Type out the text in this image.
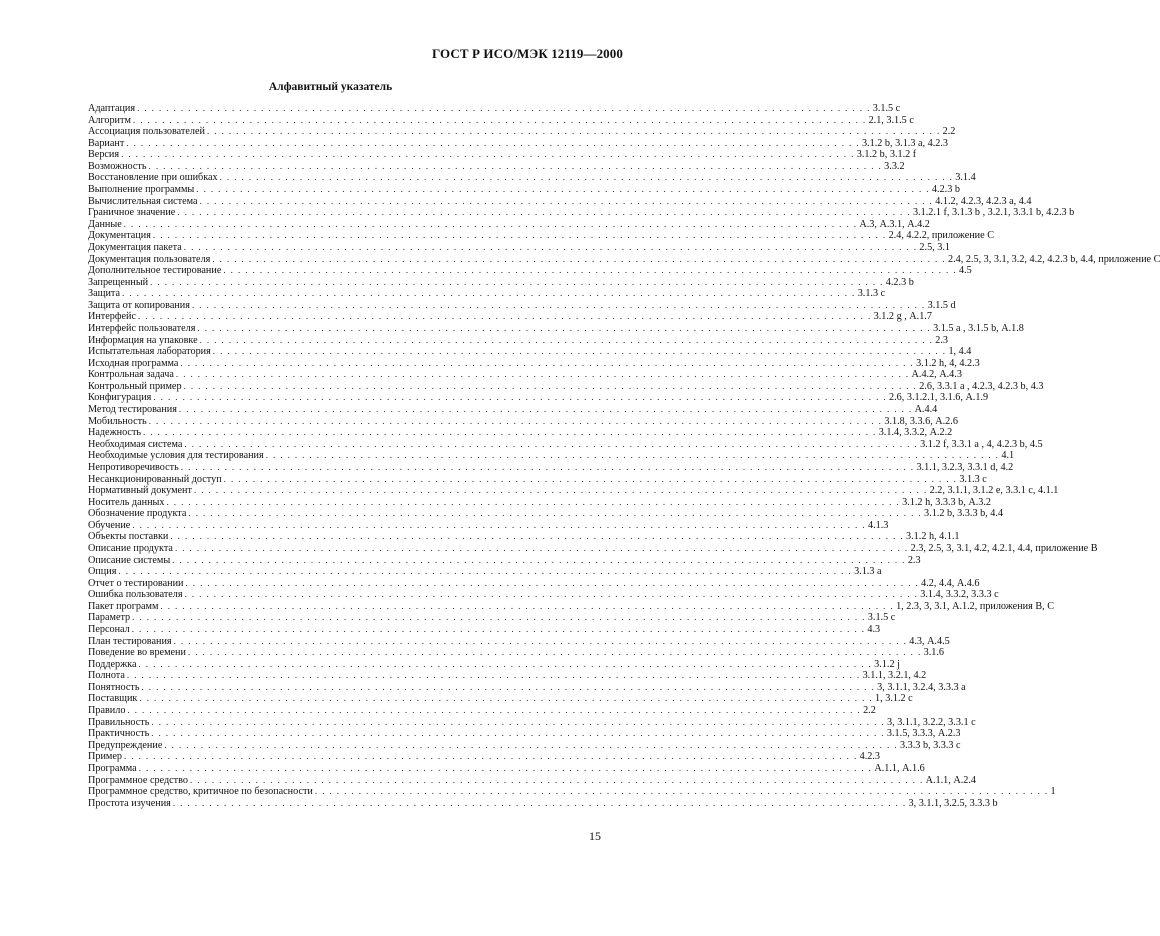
ГОСТ Р ИСО/МЭК 12119—2000
Алфавитный указатель
Адаптация . . . . . . . . . . . . . . . . . . . . . . . . . . . . . . . . . . . . . . . . . . . . . . . . . . . . . . . . . . . . . . . . . . . . . . . . . . . . . . . . . . . . . . . . . . . . . . . . . . . . . 3.1.5 с
Алгоритм . . . . . . . . . . . . . . . . . . . . . . . . . . . . . . . . . . . . . . . . . . . . . . . . . . . . . . . . . . . . . . . . . . . . . . . . . . . . . . . . . . . . . . . . . . . . . . . . . . . . . 2.1, 3.1.5 с
Ассоциация пользователей . . . . . . . . . . . . . . . . . . . . . . . . . . . . . . . . . . . . . . . . . . . . . . . . . . . . . . . . . . . . . . . . . . . . . . . . . . . . . . . . . . . . . . . . . . . . . . . . . . . . . 2.2
Вариант . . . . . . . . . . . . . . . . . . . . . . . . . . . . . . . . . . . . . . . . . . . . . . . . . . . . . . . . . . . . . . . . . . . . . . . . . . . . . . . . . . . . . . . . . . . . . . . . . . . . . 3.1.2 b, 3.1.3 a, 4.2.3
Версия . . . . . . . . . . . . . . . . . . . . . . . . . . . . . . . . . . . . . . . . . . . . . . . . . . . . . . . . . . . . . . . . . . . . . . . . . . . . . . . . . . . . . . . . . . . . . . . . . . . . . 3.1.2 b, 3.1.2 f
Возможность . . . . . . . . . . . . . . . . . . . . . . . . . . . . . . . . . . . . . . . . . . . . . . . . . . . . . . . . . . . . . . . . . . . . . . . . . . . . . . . . . . . . . . . . . . . . . . . . . . . . . 3.3.2
Восстановление при ошибках . . . . . . . . . . . . . . . . . . . . . . . . . . . . . . . . . . . . . . . . . . . . . . . . . . . . . . . . . . . . . . . . . . . . . . . . . . . . . . . . . . . . . . . . . . . . . . . . . . . . . 3.1.4
Выполнение программы . . . . . . . . . . . . . . . . . . . . . . . . . . . . . . . . . . . . . . . . . . . . . . . . . . . . . . . . . . . . . . . . . . . . . . . . . . . . . . . . . . . . . . . . . . . . . . . . . . . . . 4.2.3 b
Вычислительная система . . . . . . . . . . . . . . . . . . . . . . . . . . . . . . . . . . . . . . . . . . . . . . . . . . . . . . . . . . . . . . . . . . . . . . . . . . . . . . . . . . . . . . . . . . . . . . . . . . . . . 4.1.2, 4.2.3, 4.2.3 a, 4.4
Граничное значение . . . . . . . . . . . . . . . . . . . . . . . . . . . . . . . . . . . . . . . . . . . . . . . . . . . . . . . . . . . . . . . . . . . . . . . . . . . . . . . . . . . . . . . . . . . . . . . . . . . . . 3.1.2.1 f, 3.1.3 b , 3.2.1, 3.3.1 b, 4.2.3 b
Данные . . . . . . . . . . . . . . . . . . . . . . . . . . . . . . . . . . . . . . . . . . . . . . . . . . . . . . . . . . . . . . . . . . . . . . . . . . . . . . . . . . . . . . . . . . . . . . . . . . . . . А.3, А.3.1, А.4.2
Документация . . . . . . . . . . . . . . . . . . . . . . . . . . . . . . . . . . . . . . . . . . . . . . . . . . . . . . . . . . . . . . . . . . . . . . . . . . . . . . . . . . . . . . . . . . . . . . . . . . . . . 2.4, 4.2.2, приложение С
Документация пакета . . . . . . . . . . . . . . . . . . . . . . . . . . . . . . . . . . . . . . . . . . . . . . . . . . . . . . . . . . . . . . . . . . . . . . . . . . . . . . . . . . . . . . . . . . . . . . . . . . . . . 2.5, 3.1
Документация пользователя . . . . . . . . . . . . . . . . . . . . . . . . . . . . . . . . . . . . . . . . . . . . . . . . . . . . . . . . . . . . . . . . . . . . . . . . . . . . . . . . . . . . . . . . . . . . . . . . . . . . . 2.4, 2.5, 3, 3.1, 3.2, 4.2, 4.2.3 b, 4.4, приложение С
Дополнительное тестирование . . . . . . . . . . . . . . . . . . . . . . . . . . . . . . . . . . . . . . . . . . . . . . . . . . . . . . . . . . . . . . . . . . . . . . . . . . . . . . . . . . . . . . . . . . . . . . . . . . . . . 4.5
Запрещенный . . . . . . . . . . . . . . . . . . . . . . . . . . . . . . . . . . . . . . . . . . . . . . . . . . . . . . . . . . . . . . . . . . . . . . . . . . . . . . . . . . . . . . . . . . . . . . . . . . . . . 4.2.3 b
Защита . . . . . . . . . . . . . . . . . . . . . . . . . . . . . . . . . . . . . . . . . . . . . . . . . . . . . . . . . . . . . . . . . . . . . . . . . . . . . . . . . . . . . . . . . . . . . . . . . . . . . 3.1.3 c
Защита от копирования . . . . . . . . . . . . . . . . . . . . . . . . . . . . . . . . . . . . . . . . . . . . . . . . . . . . . . . . . . . . . . . . . . . . . . . . . . . . . . . . . . . . . . . . . . . . . . . . . . . . . 3.1.5 d
Интерфейс . . . . . . . . . . . . . . . . . . . . . . . . . . . . . . . . . . . . . . . . . . . . . . . . . . . . . . . . . . . . . . . . . . . . . . . . . . . . . . . . . . . . . . . . . . . . . . . . . . . . . 3.1.2 g , А.1.7
Интерфейс пользователя . . . . . . . . . . . . . . . . . . . . . . . . . . . . . . . . . . . . . . . . . . . . . . . . . . . . . . . . . . . . . . . . . . . . . . . . . . . . . . . . . . . . . . . . . . . . . . . . . . . . . 3.1.5 a , 3.1.5 b, А.1.8
Информация на упаковке . . . . . . . . . . . . . . . . . . . . . . . . . . . . . . . . . . . . . . . . . . . . . . . . . . . . . . . . . . . . . . . . . . . . . . . . . . . . . . . . . . . . . . . . . . . . . . . . . . . . . 2.3
Испытательная лаборатория . . . . . . . . . . . . . . . . . . . . . . . . . . . . . . . . . . . . . . . . . . . . . . . . . . . . . . . . . . . . . . . . . . . . . . . . . . . . . . . . . . . . . . . . . . . . . . . . . . . . . 1, 4.4
Исходная программа . . . . . . . . . . . . . . . . . . . . . . . . . . . . . . . . . . . . . . . . . . . . . . . . . . . . . . . . . . . . . . . . . . . . . . . . . . . . . . . . . . . . . . . . . . . . . . . . . . . . . 3.1.2 h, 4, 4.2.3
Контрольная задача . . . . . . . . . . . . . . . . . . . . . . . . . . . . . . . . . . . . . . . . . . . . . . . . . . . . . . . . . . . . . . . . . . . . . . . . . . . . . . . . . . . . . . . . . . . . . . . . . . . . . А.4.2, А.4.3
Контрольный пример . . . . . . . . . . . . . . . . . . . . . . . . . . . . . . . . . . . . . . . . . . . . . . . . . . . . . . . . . . . . . . . . . . . . . . . . . . . . . . . . . . . . . . . . . . . . . . . . . . . . . 2.6, 3.3.1 a , 4.2.3, 4.2.3 b, 4.3
Конфигурация . . . . . . . . . . . . . . . . . . . . . . . . . . . . . . . . . . . . . . . . . . . . . . . . . . . . . . . . . . . . . . . . . . . . . . . . . . . . . . . . . . . . . . . . . . . . . . . . . . . . . 2.6, 3.1.2.1, 3.1.6, А.1.9
Метод тестирования . . . . . . . . . . . . . . . . . . . . . . . . . . . . . . . . . . . . . . . . . . . . . . . . . . . . . . . . . . . . . . . . . . . . . . . . . . . . . . . . . . . . . . . . . . . . . . . . . . . . . А.4.4
Мобильность . . . . . . . . . . . . . . . . . . . . . . . . . . . . . . . . . . . . . . . . . . . . . . . . . . . . . . . . . . . . . . . . . . . . . . . . . . . . . . . . . . . . . . . . . . . . . . . . . . . . . 3.1.8, 3.3.6, А.2.6
Надежность . . . . . . . . . . . . . . . . . . . . . . . . . . . . . . . . . . . . . . . . . . . . . . . . . . . . . . . . . . . . . . . . . . . . . . . . . . . . . . . . . . . . . . . . . . . . . . . . . . . . . 3.1.4, 3.3.2, А.2.2
Необходимая система . . . . . . . . . . . . . . . . . . . . . . . . . . . . . . . . . . . . . . . . . . . . . . . . . . . . . . . . . . . . . . . . . . . . . . . . . . . . . . . . . . . . . . . . . . . . . . . . . . . . . 3.1.2 f, 3.3.1 a , 4, 4.2.3 b, 4.5
Необходимые условия для тестирования . . . . . . . . . . . . . . . . . . . . . . . . . . . . . . . . . . . . . . . . . . . . . . . . . . . . . . . . . . . . . . . . . . . . . . . . . . . . . . . . . . . . . . . . . . . . . . . . . . . . . 4.1
Непротиворечивость . . . . . . . . . . . . . . . . . . . . . . . . . . . . . . . . . . . . . . . . . . . . . . . . . . . . . . . . . . . . . . . . . . . . . . . . . . . . . . . . . . . . . . . . . . . . . . . . . . . . . 3.1.1, 3.2.3, 3.3.1 d, 4.2
Несанкционированный доступ . . . . . . . . . . . . . . . . . . . . . . . . . . . . . . . . . . . . . . . . . . . . . . . . . . . . . . . . . . . . . . . . . . . . . . . . . . . . . . . . . . . . . . . . . . . . . . . . . . . . . 3.1.3 c
Нормативный документ . . . . . . . . . . . . . . . . . . . . . . . . . . . . . . . . . . . . . . . . . . . . . . . . . . . . . . . . . . . . . . . . . . . . . . . . . . . . . . . . . . . . . . . . . . . . . . . . . . . . . 2.2, 3.1.1, 3.1.2 e, 3.3.1 c, 4.1.1
Носитель данных . . . . . . . . . . . . . . . . . . . . . . . . . . . . . . . . . . . . . . . . . . . . . . . . . . . . . . . . . . . . . . . . . . . . . . . . . . . . . . . . . . . . . . . . . . . . . . . . . . . . . 3.1.2 h, 3.3.3 b, А.3.2
Обозначение продукта . . . . . . . . . . . . . . . . . . . . . . . . . . . . . . . . . . . . . . . . . . . . . . . . . . . . . . . . . . . . . . . . . . . . . . . . . . . . . . . . . . . . . . . . . . . . . . . . . . . . . 3.1.2 b, 3.3.3 b, 4.4
Обучение . . . . . . . . . . . . . . . . . . . . . . . . . . . . . . . . . . . . . . . . . . . . . . . . . . . . . . . . . . . . . . . . . . . . . . . . . . . . . . . . . . . . . . . . . . . . . . . . . . . . . 4.1.3
Объекты поставки . . . . . . . . . . . . . . . . . . . . . . . . . . . . . . . . . . . . . . . . . . . . . . . . . . . . . . . . . . . . . . . . . . . . . . . . . . . . . . . . . . . . . . . . . . . . . . . . . . . . . 3.1.2 h, 4.1.1
Описание продукта . . . . . . . . . . . . . . . . . . . . . . . . . . . . . . . . . . . . . . . . . . . . . . . . . . . . . . . . . . . . . . . . . . . . . . . . . . . . . . . . . . . . . . . . . . . . . . . . . . . . . 2.3, 2.5, 3, 3.1, 4.2, 4.2.1, 4.4, приложение В
Описание системы . . . . . . . . . . . . . . . . . . . . . . . . . . . . . . . . . . . . . . . . . . . . . . . . . . . . . . . . . . . . . . . . . . . . . . . . . . . . . . . . . . . . . . . . . . . . . . . . . . . . . 2.3
Опция . . . . . . . . . . . . . . . . . . . . . . . . . . . . . . . . . . . . . . . . . . . . . . . . . . . . . . . . . . . . . . . . . . . . . . . . . . . . . . . . . . . . . . . . . . . . . . . . . . . . . 3.1.3 a
Отчет о тестировании . . . . . . . . . . . . . . . . . . . . . . . . . . . . . . . . . . . . . . . . . . . . . . . . . . . . . . . . . . . . . . . . . . . . . . . . . . . . . . . . . . . . . . . . . . . . . . . . . . . . . 4.2, 4.4, А.4.6
Ошибка пользователя . . . . . . . . . . . . . . . . . . . . . . . . . . . . . . . . . . . . . . . . . . . . . . . . . . . . . . . . . . . . . . . . . . . . . . . . . . . . . . . . . . . . . . . . . . . . . . . . . . . . . 3.1.4, 3.3.2, 3.3.3 c
Пакет программ . . . . . . . . . . . . . . . . . . . . . . . . . . . . . . . . . . . . . . . . . . . . . . . . . . . . . . . . . . . . . . . . . . . . . . . . . . . . . . . . . . . . . . . . . . . . . . . . . . . . . 1, 2.3, 3, 3.1, А.1.2, приложения В, С
Параметр . . . . . . . . . . . . . . . . . . . . . . . . . . . . . . . . . . . . . . . . . . . . . . . . . . . . . . . . . . . . . . . . . . . . . . . . . . . . . . . . . . . . . . . . . . . . . . . . . . . . . 3.1.5 c
Персонал . . . . . . . . . . . . . . . . . . . . . . . . . . . . . . . . . . . . . . . . . . . . . . . . . . . . . . . . . . . . . . . . . . . . . . . . . . . . . . . . . . . . . . . . . . . . . . . . . . . . . 4.3
План тестирования . . . . . . . . . . . . . . . . . . . . . . . . . . . . . . . . . . . . . . . . . . . . . . . . . . . . . . . . . . . . . . . . . . . . . . . . . . . . . . . . . . . . . . . . . . . . . . . . . . . . . 4.3, А.4.5
Поведение во времени . . . . . . . . . . . . . . . . . . . . . . . . . . . . . . . . . . . . . . . . . . . . . . . . . . . . . . . . . . . . . . . . . . . . . . . . . . . . . . . . . . . . . . . . . . . . . . . . . . . . . 3.1.6
Поддержка . . . . . . . . . . . . . . . . . . . . . . . . . . . . . . . . . . . . . . . . . . . . . . . . . . . . . . . . . . . . . . . . . . . . . . . . . . . . . . . . . . . . . . . . . . . . . . . . . . . . . 3.1.2 j
Полнота . . . . . . . . . . . . . . . . . . . . . . . . . . . . . . . . . . . . . . . . . . . . . . . . . . . . . . . . . . . . . . . . . . . . . . . . . . . . . . . . . . . . . . . . . . . . . . . . . . . . . 3.1.1, 3.2.1, 4.2
Понятность . . . . . . . . . . . . . . . . . . . . . . . . . . . . . . . . . . . . . . . . . . . . . . . . . . . . . . . . . . . . . . . . . . . . . . . . . . . . . . . . . . . . . . . . . . . . . . . . . . . . . 3, 3.1.1, 3.2.4, 3.3.3 a
Поставщик . . . . . . . . . . . . . . . . . . . . . . . . . . . . . . . . . . . . . . . . . . . . . . . . . . . . . . . . . . . . . . . . . . . . . . . . . . . . . . . . . . . . . . . . . . . . . . . . . . . . . 1, 3.1.2 c
Правило . . . . . . . . . . . . . . . . . . . . . . . . . . . . . . . . . . . . . . . . . . . . . . . . . . . . . . . . . . . . . . . . . . . . . . . . . . . . . . . . . . . . . . . . . . . . . . . . . . . . . 2.2
Правильность . . . . . . . . . . . . . . . . . . . . . . . . . . . . . . . . . . . . . . . . . . . . . . . . . . . . . . . . . . . . . . . . . . . . . . . . . . . . . . . . . . . . . . . . . . . . . . . . . . . . . 3, 3.1.1, 3.2.2, 3.3.1 c
Практичность . . . . . . . . . . . . . . . . . . . . . . . . . . . . . . . . . . . . . . . . . . . . . . . . . . . . . . . . . . . . . . . . . . . . . . . . . . . . . . . . . . . . . . . . . . . . . . . . . . . . . 3.1.5, 3.3.3, А.2.3
Предупреждение . . . . . . . . . . . . . . . . . . . . . . . . . . . . . . . . . . . . . . . . . . . . . . . . . . . . . . . . . . . . . . . . . . . . . . . . . . . . . . . . . . . . . . . . . . . . . . . . . . . . . 3.3.3 b, 3.3.3 c
Пример . . . . . . . . . . . . . . . . . . . . . . . . . . . . . . . . . . . . . . . . . . . . . . . . . . . . . . . . . . . . . . . . . . . . . . . . . . . . . . . . . . . . . . . . . . . . . . . . . . . . . 4.2.3
Программа . . . . . . . . . . . . . . . . . . . . . . . . . . . . . . . . . . . . . . . . . . . . . . . . . . . . . . . . . . . . . . . . . . . . . . . . . . . . . . . . . . . . . . . . . . . . . . . . . . . . . А.1.1, А.1.6
Программное средство . . . . . . . . . . . . . . . . . . . . . . . . . . . . . . . . . . . . . . . . . . . . . . . . . . . . . . . . . . . . . . . . . . . . . . . . . . . . . . . . . . . . . . . . . . . . . . . . . . . . . А.1.1, А.2.4
Программное средство, критичное по безопасности . . . . . . . . . . . . . . . . . . . . . . . . . . . . . . . . . . . . . . . . . . . . . . . . . . . . . . . . . . . . . . . . . . . . . . . . . . . . . . . . . . . . . . . . . . . . . . . . . . . . . 1
Простота изучения . . . . . . . . . . . . . . . . . . . . . . . . . . . . . . . . . . . . . . . . . . . . . . . . . . . . . . . . . . . . . . . . . . . . . . . . . . . . . . . . . . . . . . . . . . . . . . . . . . . . . 3, 3.1.1, 3.2.5, 3.3.3 b
15
